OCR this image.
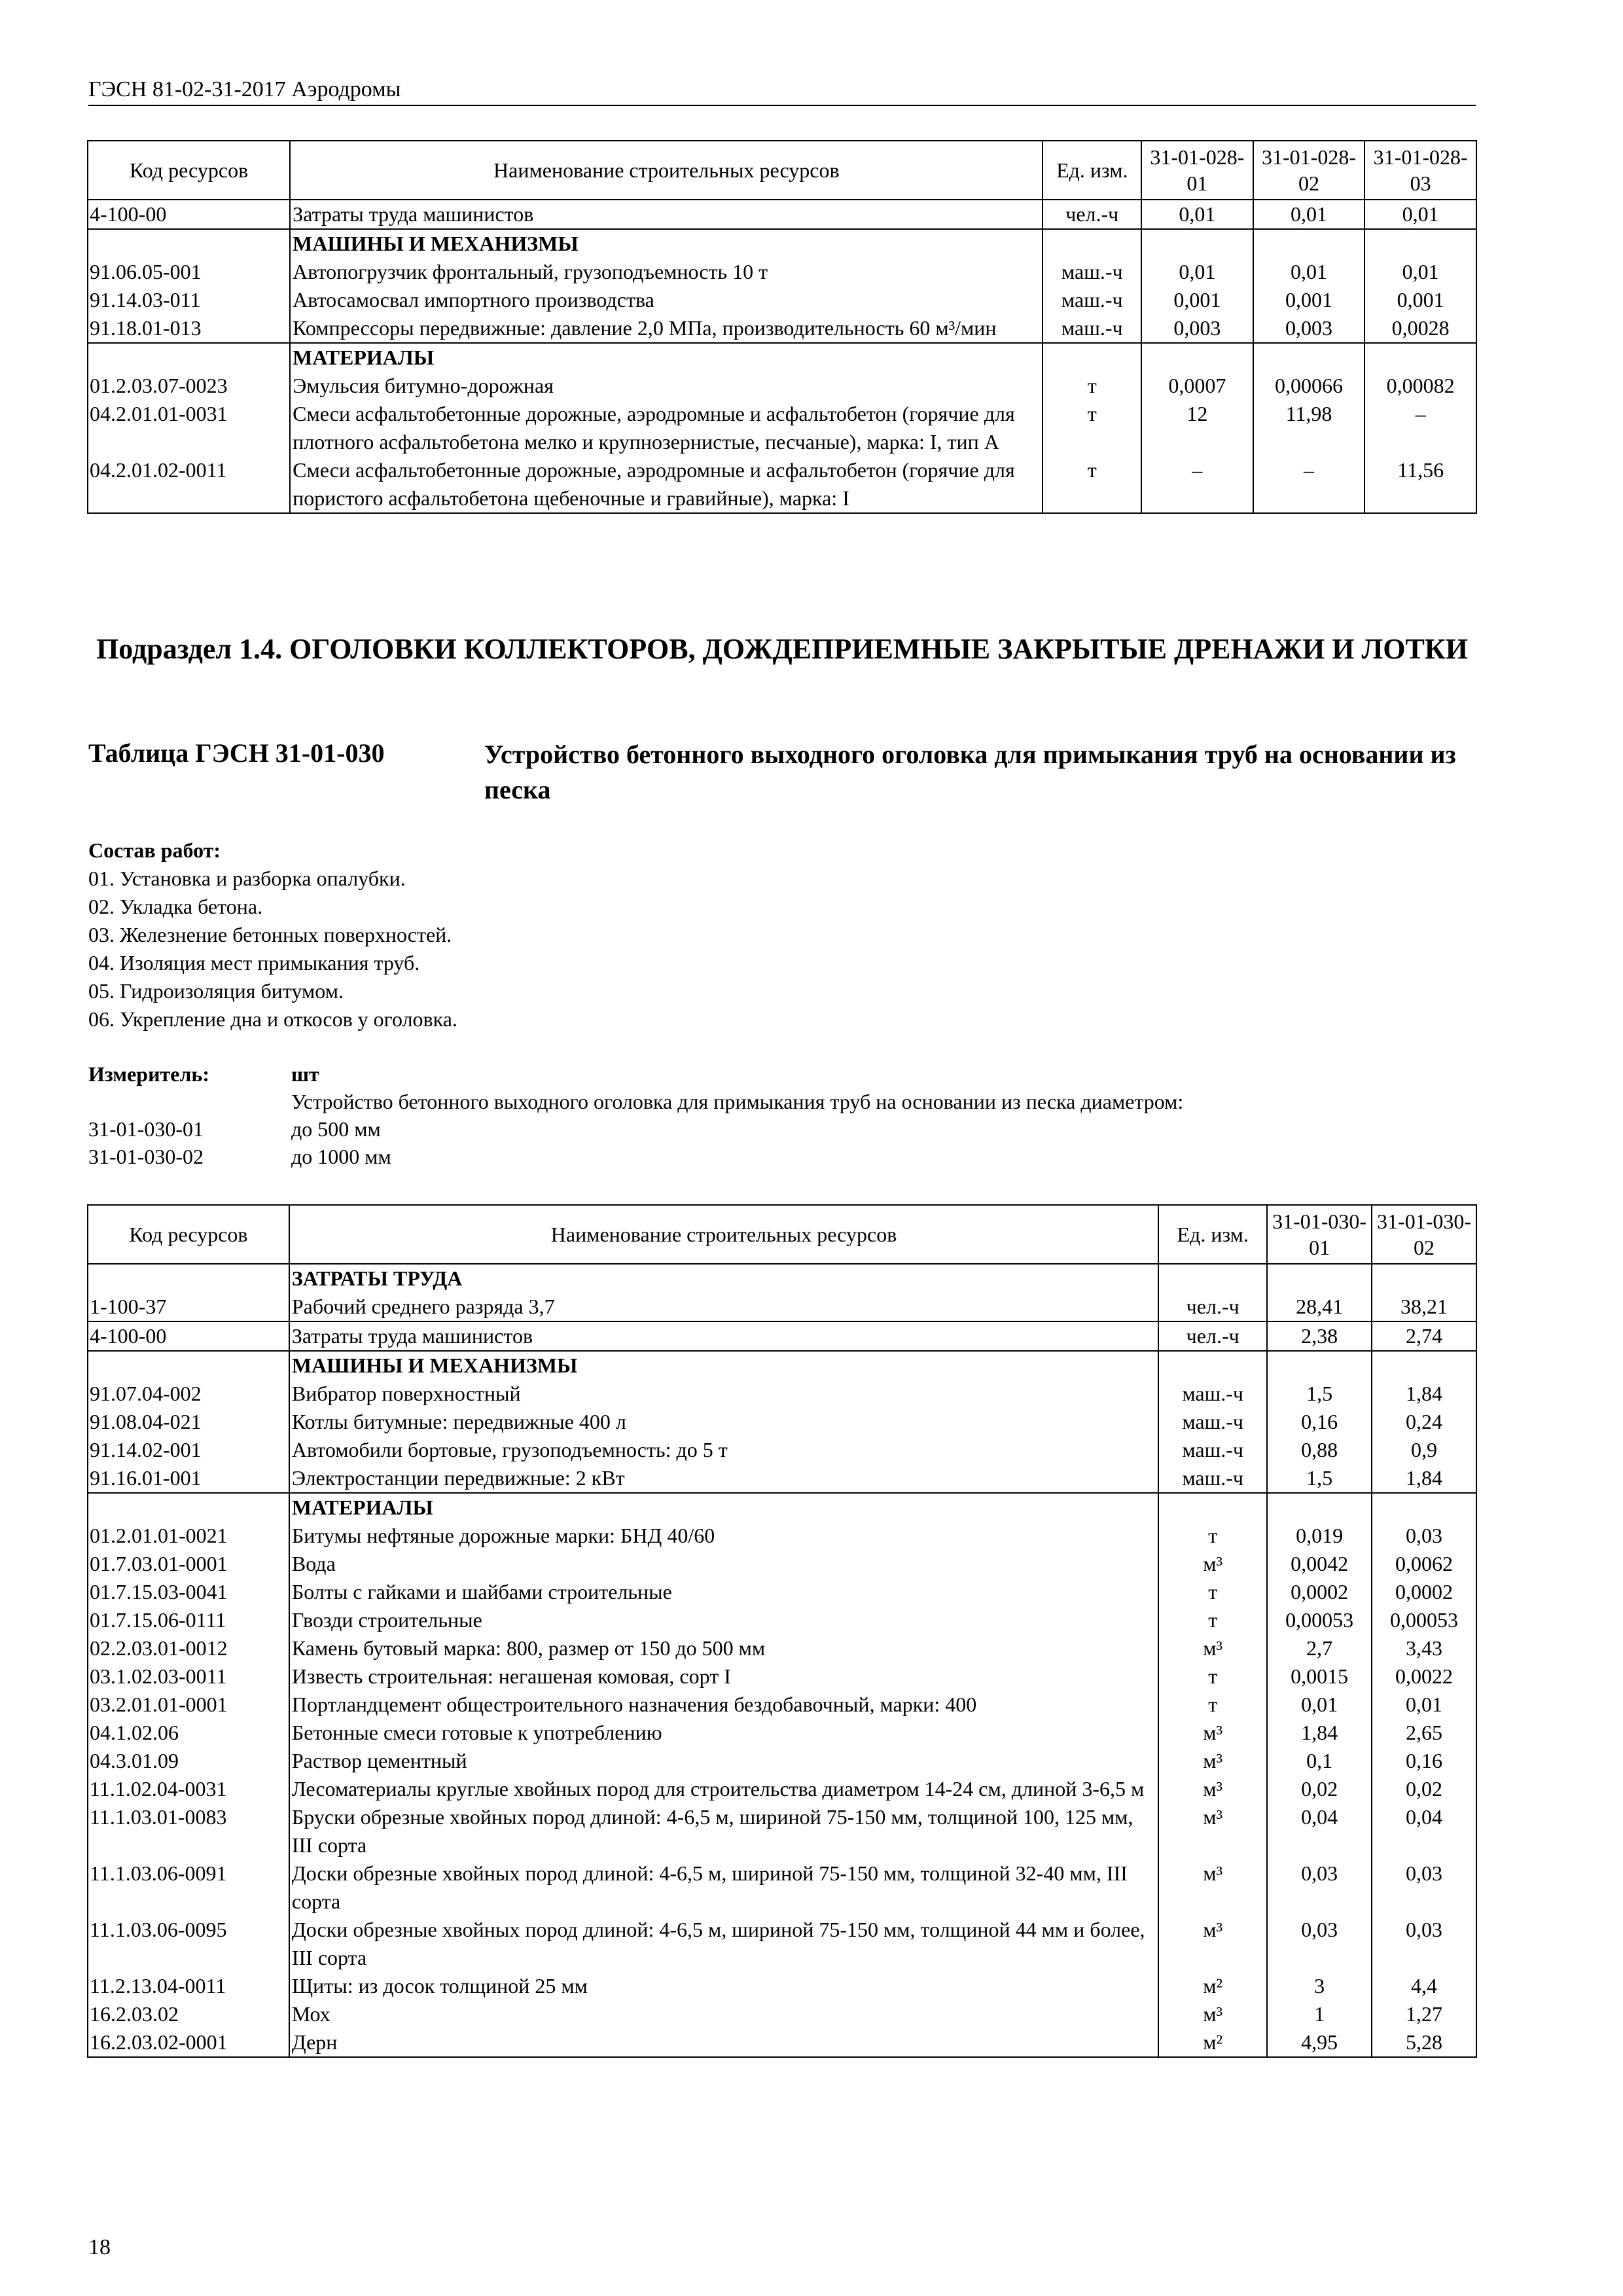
ГЭСН 81-02-31-2017 Аэродромы
Код ресурсов	Наименование строительных ресурсов	Ед. изм.	31-01-028-01	31-01-028-02	31-01-028-03
4-100-00	Затраты труда машинистов	чел.-ч	0,01	0,01	0,01
	МАШИНЫ И МЕХАНИЗМЫ				
91.06.05-001	Автопогрузчик фронтальный, грузоподъемность 10 т	маш.-ч	0,01	0,01	0,01
91.14.03-011	Автосамосвал импортного производства	маш.-ч	0,001	0,001	0,001
91.18.01-013	Компрессоры передвижные: давление 2,0 МПа, производительность 60 м³/мин	маш.-ч	0,003	0,003	0,0028
	МАТЕРИАЛЫ				
01.2.03.07-0023	Эмульсия битумно-дорожная	т	0,0007	0,00066	0,00082
04.2.01.01-0031	Смеси асфальтобетонные дорожные, аэродромные и асфальтобетон (горячие для плотного асфальтобетона мелко и крупнозернистые, песчаные), марка: I, тип А	т	12	11,98	–
04.2.01.02-0011	Смеси асфальтобетонные дорожные, аэродромные и асфальтобетон (горячие для пористого асфальтобетона щебеночные и гравийные), марка: I	т	–	–	11,56
Подраздел 1.4. ОГОЛОВКИ КОЛЛЕКТОРОВ, ДОЖДЕПРИЕМНЫЕ ЗАКРЫТЫЕ ДРЕНАЖИ И ЛОТКИ
Таблица ГЭСН 31-01-030	Устройство бетонного выходного оголовка для примыкания труб на основании из песка
Состав работ:
01. Установка и разборка опалубки.
02. Укладка бетона.
03. Железнение бетонных поверхностей.
04. Изоляция мест примыкания труб.
05. Гидроизоляция битумом.
06. Укрепление дна и откосов у оголовка.
Измеритель:	шт
Устройство бетонного выходного оголовка для примыкания труб на основании из песка диаметром:
31-01-030-01	до 500 мм
31-01-030-02	до 1000 мм
Код ресурсов	Наименование строительных ресурсов	Ед. изм.	31-01-030-01	31-01-030-02
	ЗАТРАТЫ ТРУДА			
1-100-37	Рабочий среднего разряда 3,7	чел.-ч	28,41	38,21
4-100-00	Затраты труда машинистов	чел.-ч	2,38	2,74
	МАШИНЫ И МЕХАНИЗМЫ			
91.07.04-002	Вибратор поверхностный	маш.-ч	1,5	1,84
91.08.04-021	Котлы битумные: передвижные 400 л	маш.-ч	0,16	0,24
91.14.02-001	Автомобили бортовые, грузоподъемность: до 5 т	маш.-ч	0,88	0,9
91.16.01-001	Электростанции передвижные: 2 кВт	маш.-ч	1,5	1,84
	МАТЕРИАЛЫ			
01.2.01.01-0021	Битумы нефтяные дорожные марки: БНД 40/60	т	0,019	0,03
01.7.03.01-0001	Вода	м³	0,0042	0,0062
01.7.15.03-0041	Болты с гайками и шайбами строительные	т	0,0002	0,0002
01.7.15.06-0111	Гвозди строительные	т	0,00053	0,00053
02.2.03.01-0012	Камень бутовый марка: 800, размер от 150 до 500 мм	м³	2,7	3,43
03.1.02.03-0011	Известь строительная: негашеная комовая, сорт I	т	0,0015	0,0022
03.2.01.01-0001	Портландцемент общестроительного назначения бездобавочный, марки: 400	т	0,01	0,01
04.1.02.06	Бетонные смеси готовые к употреблению	м³	1,84	2,65
04.3.01.09	Раствор цементный	м³	0,1	0,16
11.1.02.04-0031	Лесоматериалы круглые хвойных пород для строительства диаметром 14-24 см, длиной 3-6,5 м	м³	0,02	0,02
11.1.03.01-0083	Бруски обрезные хвойных пород длиной: 4-6,5 м, шириной 75-150 мм, толщиной 100, 125 мм, III сорта	м³	0,04	0,04
11.1.03.06-0091	Доски обрезные хвойных пород длиной: 4-6,5 м, шириной 75-150 мм, толщиной 32-40 мм, III сорта	м³	0,03	0,03
11.1.03.06-0095	Доски обрезные хвойных пород длиной: 4-6,5 м, шириной 75-150 мм, толщиной 44 мм и более, III сорта	м³	0,03	0,03
11.2.13.04-0011	Щиты: из досок толщиной 25 мм	м²	3	4,4
16.2.03.02	Мох	м³	1	1,27
16.2.03.02-0001	Дерн	м²	4,95	5,28
18
